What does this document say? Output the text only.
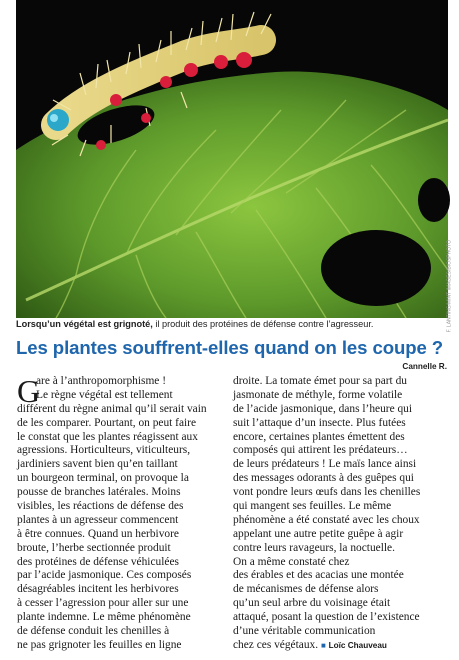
F. LANTING/MINT IMAGES/BIOSPHOTO
Lorsqu’un végétal est grignoté, il produit des protéines de défense contre l’agresseur.
Les plantes souffrent-elles quand on les coupe ?
Cannelle R.
G
are à l’anthropomorphisme !
Le règne végétal est tellement
différent du règne animal qu’il serait vain
de les comparer. Pourtant, on peut faire
le constat que les plantes réagissent aux
agressions. Horticulteurs, viticulteurs,
jardiniers savent bien qu’en taillant
un bourgeon terminal, on provoque la
pousse de branches latérales. Moins
visibles, les réactions de défense des
plantes à un agresseur commencent
à être connues. Quand un herbivore
broute, l’herbe sectionnée produit
des protéines de défense véhiculées
par l’acide jasmonique. Ces composés
désagréables incitent les herbivores
à cesser l’agression pour aller sur une
plante indemne. Le même phénomène
de défense conduit les chenilles à
ne pas grignoter les feuilles en ligne
droite. La tomate émet pour sa part du
jasmonate de méthyle, forme volatile
de l’acide jasmonique, dans l’heure qui
suit l’attaque d’un insecte. Plus futées
encore, certaines plantes émettent des
composés qui attirent les prédateurs…
de leurs prédateurs ! Le maïs lance ainsi
des messages odorants à des guêpes qui
vont pondre leurs œufs dans les chenilles
qui mangent ses feuilles. Le même
phénomène a été constaté avec les choux
appelant une autre petite guêpe à agir
contre leurs ravageurs, la noctuelle.
On a même constaté chez
des érables et des acacias une montée
de mécanismes de défense alors
qu’un seul arbre du voisinage était
attaqué, posant la question de l’existence
d’une véritable communication
chez ces végétaux. ■ Loïc Chauveau
